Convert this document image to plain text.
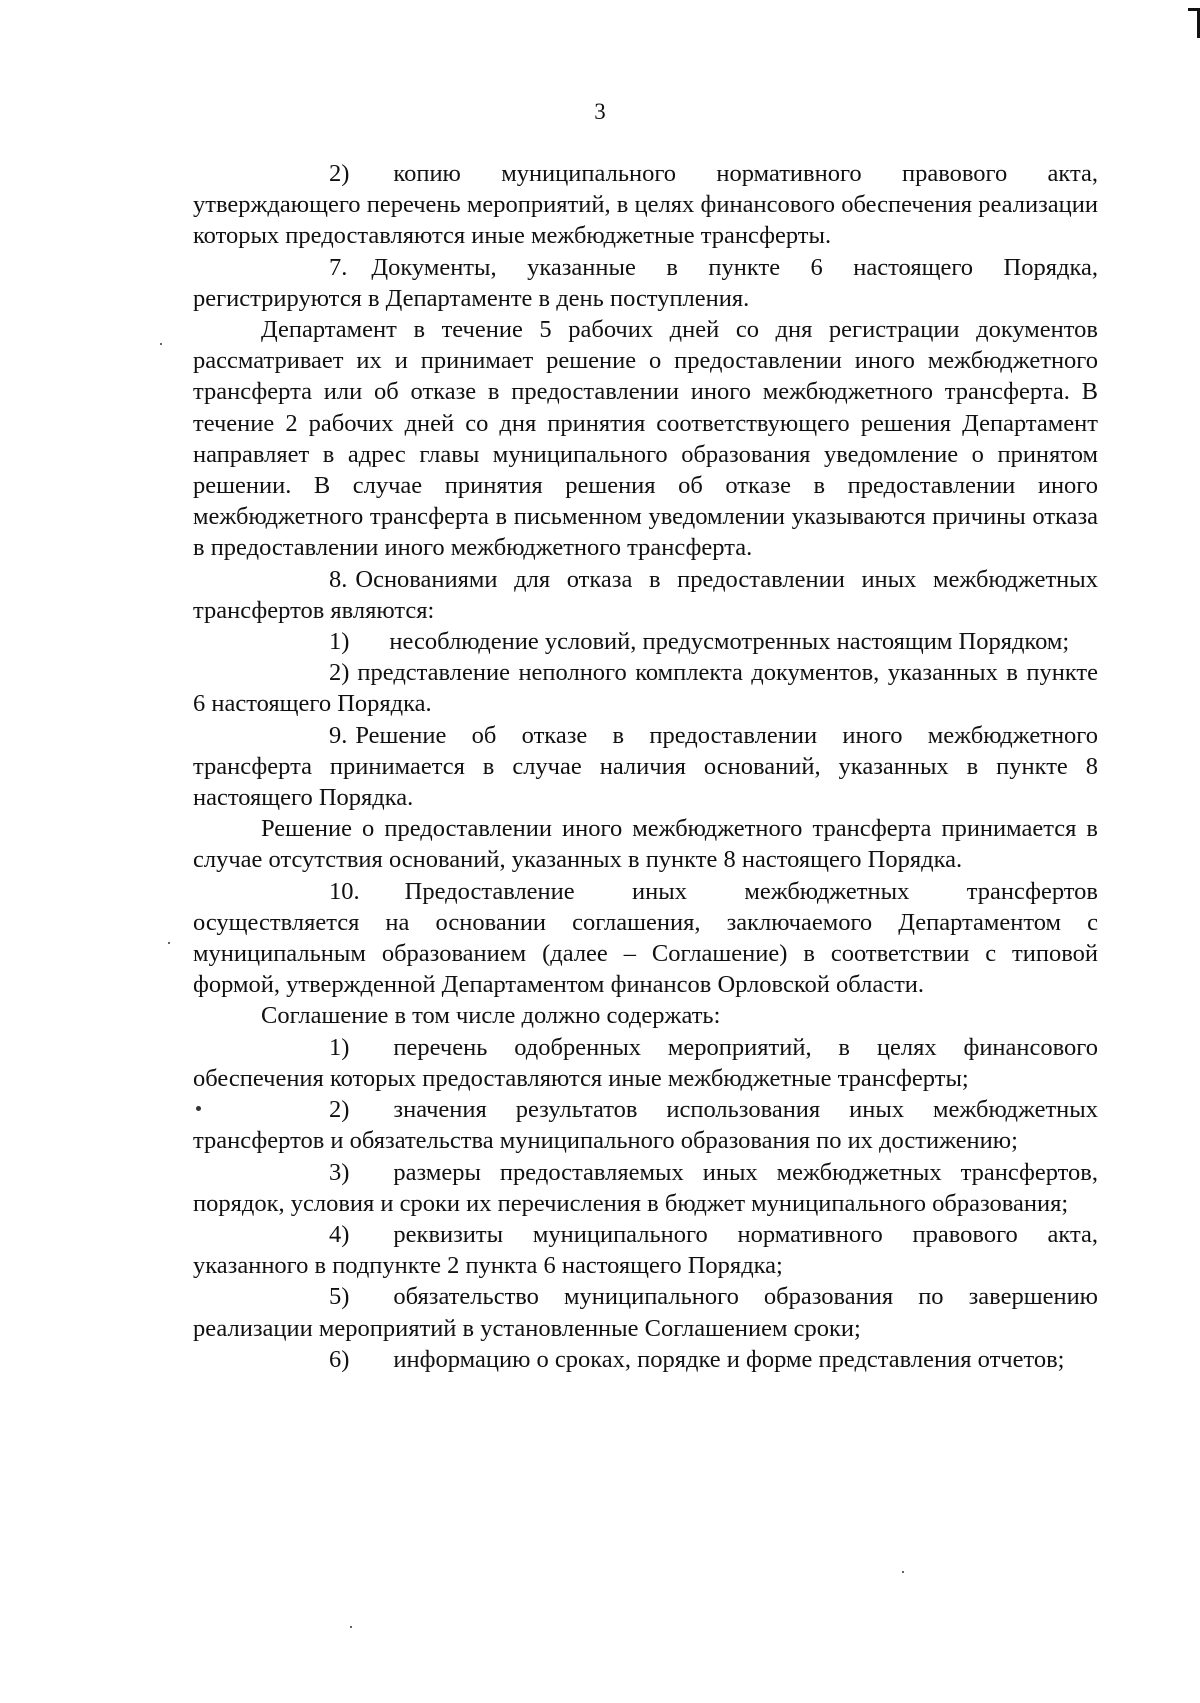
3

2) копию муниципального нормативного правового акта, утверждающего перечень мероприятий, в целях финансового обеспечения реализации которых предоставляются иные межбюджетные трансферты.

7. Документы, указанные в пункте 6 настоящего Порядка, регистрируются в Департаменте в день поступления.

Департамент в течение 5 рабочих дней со дня регистрации документов рассматривает их и принимает решение о предоставлении иного межбюджетного трансферта или об отказе в предоставлении иного межбюджетного трансферта. В течение 2 рабочих дней со дня принятия соответствующего решения Департамент направляет в адрес главы муниципального образования уведомление о принятом решении. В случае принятия решения об отказе в предоставлении иного межбюджетного трансферта в письменном уведомлении указываются причины отказа в предоставлении иного межбюджетного трансферта.

8. Основаниями для отказа в предоставлении иных межбюджетных трансфертов являются:

1) несоблюдение условий, предусмотренных настоящим Порядком;

2) представление неполного комплекта документов, указанных в пункте 6 настоящего Порядка.

9. Решение об отказе в предоставлении иного межбюджетного трансферта принимается в случае наличия оснований, указанных в пункте 8 настоящего Порядка.

Решение о предоставлении иного межбюджетного трансферта принимается в случае отсутствия оснований, указанных в пункте 8 настоящего Порядка.

10. Предоставление иных межбюджетных трансфертов осуществляется на основании соглашения, заключаемого Департаментом с муниципальным образованием (далее – Соглашение) в соответствии с типовой формой, утвержденной Департаментом финансов Орловской области.

Соглашение в том числе должно содержать:

1) перечень одобренных мероприятий, в целях финансового обеспечения которых предоставляются иные межбюджетные трансферты;

2) значения результатов использования иных межбюджетных трансфертов и обязательства муниципального образования по их достижению;

3) размеры предоставляемых иных межбюджетных трансфертов, порядок, условия и сроки их перечисления в бюджет муниципального образования;

4) реквизиты муниципального нормативного правового акта, указанного в подпункте 2 пункта 6 настоящего Порядка;

5) обязательство муниципального образования по завершению реализации мероприятий в установленные Соглашением сроки;

6) информацию о сроках, порядке и форме представления отчетов;
